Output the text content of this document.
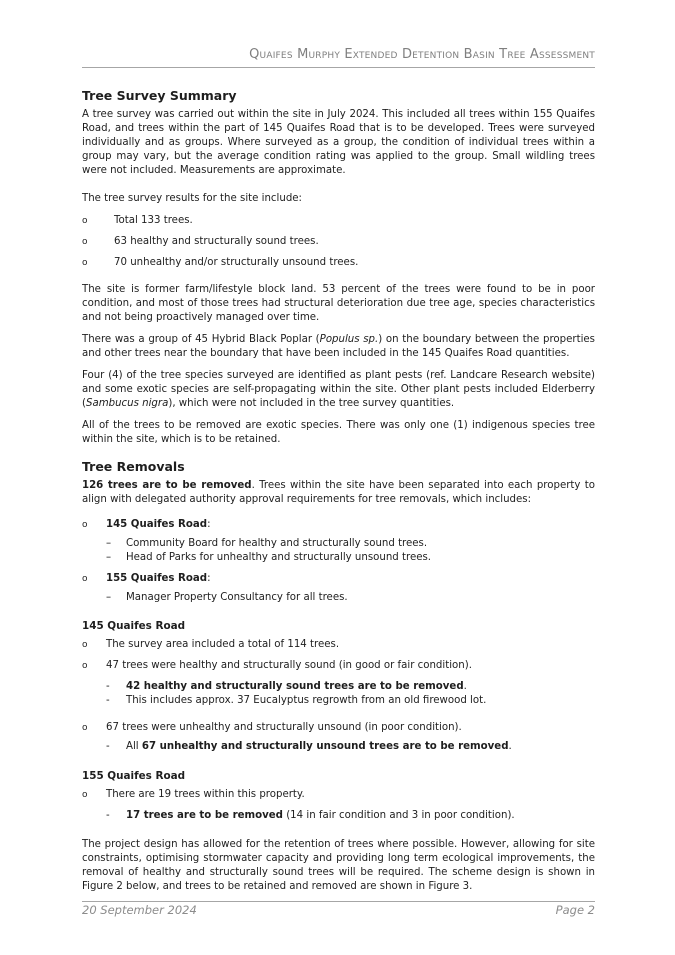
Quaifes Murphy Extended Detention Basin Tree Assessment
Tree Survey Summary

A tree survey was carried out within the site in July 2024. This included all trees within 155 Quaifes Road, and trees within the part of 145 Quaifes Road that is to be developed. Trees were surveyed individually and as groups. Where surveyed as a group, the condition of individual trees within a group may vary, but the average condition rating was applied to the group. Small wildling trees were not included. Measurements are approximate.

The tree survey results for the site include:

o	Total 133 trees.
o	63 healthy and structurally sound trees.
o	70 unhealthy and/or structurally unsound trees.

The site is former farm/lifestyle block land. 53 percent of the trees were found to be in poor condition, and most of those trees had structural deterioration due tree age, species characteristics and not being proactively managed over time.

There was a group of 45 Hybrid Black Poplar (Populus sp.) on the boundary between the properties and other trees near the boundary that have been included in the 145 Quaifes Road quantities.

Four (4) of the tree species surveyed are identified as plant pests (ref. Landcare Research website) and some exotic species are self-propagating within the site. Other plant pests included Elderberry (Sambucus nigra), which were not included in the tree survey quantities.

All of the trees to be removed are exotic species. There was only one (1) indigenous species tree within the site, which is to be retained.

Tree Removals

126 trees are to be removed. Trees within the site have been separated into each property to align with delegated authority approval requirements for tree removals, which includes:

o 145 Quaifes Road:
– Community Board for healthy and structurally sound trees.
– Head of Parks for unhealthy and structurally unsound trees.
o 155 Quaifes Road:
– Manager Property Consultancy for all trees.
145 Quaifes Road
o The survey area included a total of 114 trees.
o 47 trees were healthy and structurally sound (in good or fair condition).
- 42 healthy and structurally sound trees are to be removed.
- This includes approx. 37 Eucalyptus regrowth from an old firewood lot.
o 67 trees were unhealthy and structurally unsound (in poor condition).
- All 67 unhealthy and structurally unsound trees are to be removed.
155 Quaifes Road
o There are 19 trees within this property.
- 17 trees are to be removed (14 in fair condition and 3 in poor condition).

The project design has allowed for the retention of trees where possible. However, allowing for site constraints, optimising stormwater capacity and providing long term ecological improvements, the removal of healthy and structurally sound trees will be required. The scheme design is shown in Figure 2 below, and trees to be retained and removed are shown in Figure 3.

20 September 2024	Page 2
